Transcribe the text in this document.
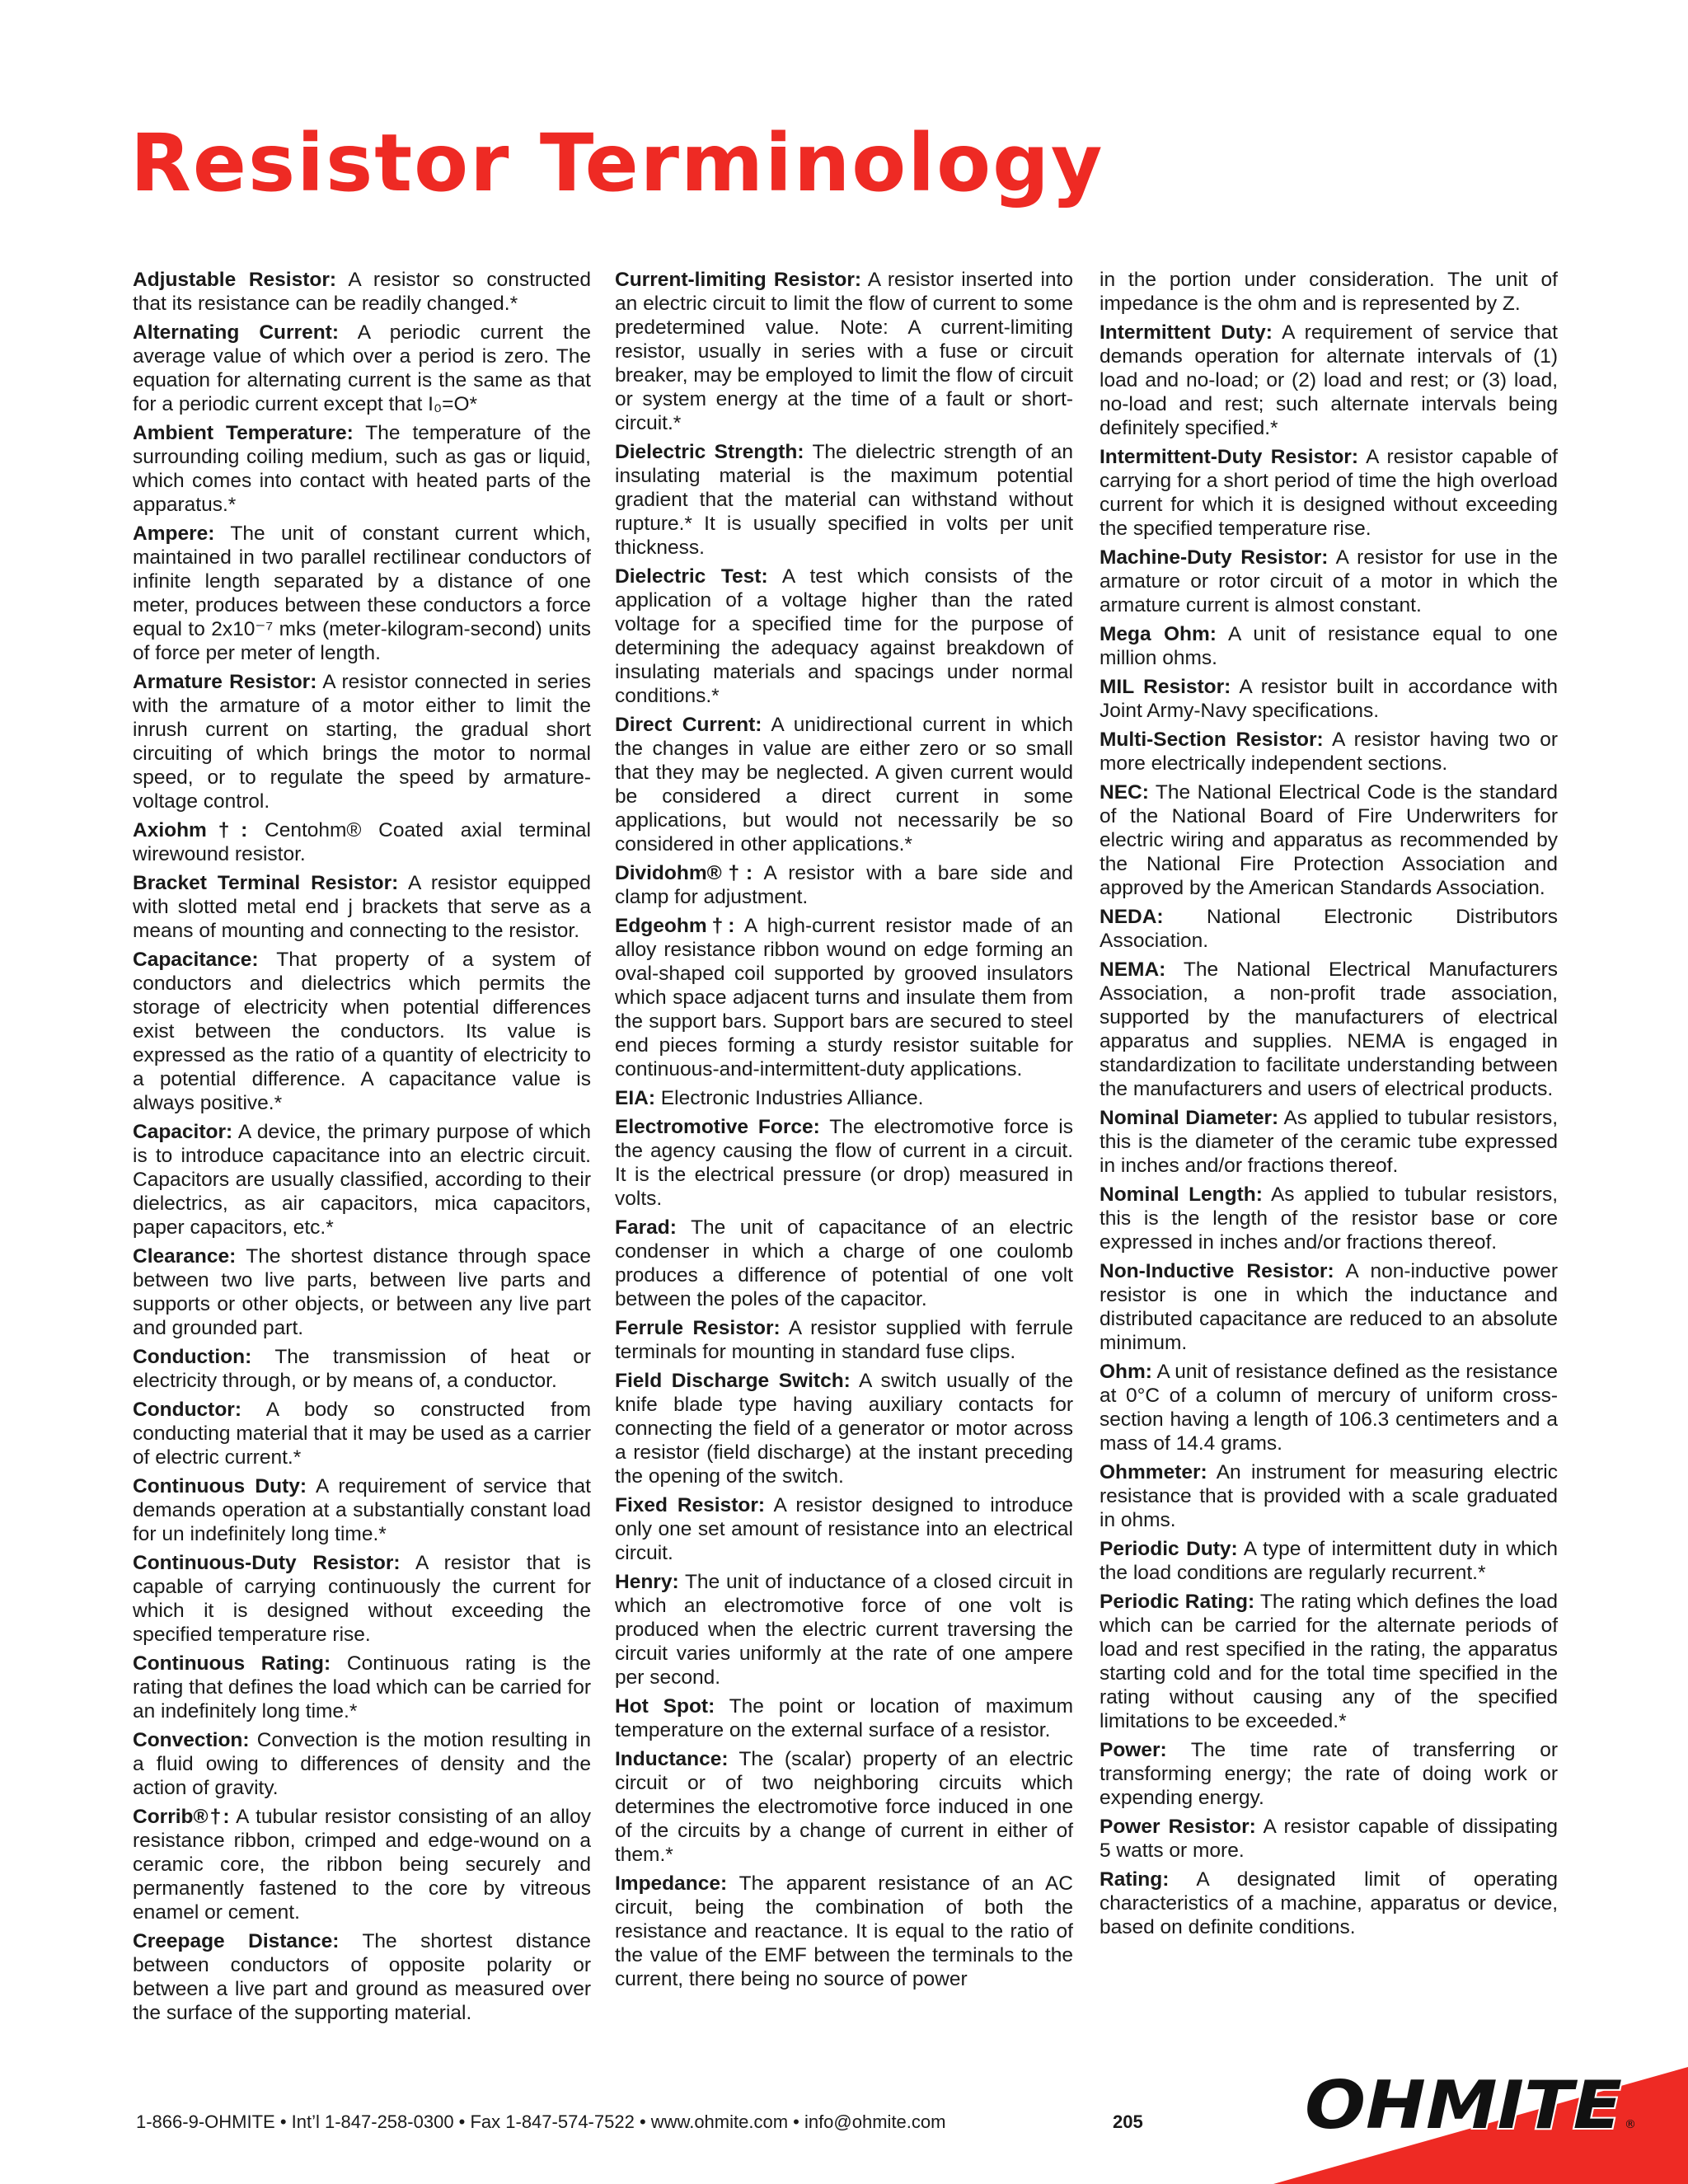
Resistor Terminology

Adjustable Resistor: A resistor so constructed that its resistance can be readily changed.*

Alternating Current: A periodic current the average value of which over a period is zero. The equation for alternating current is the same as that for a periodic current except that I₀=O*

Ambient Temperature: The temperature of the surrounding coiling medium, such as gas or liquid, which comes into contact with heated parts of the apparatus.*

Ampere: The unit of constant current which, maintained in two parallel rectilinear conductors of infinite length separated by a distance of one meter, produces between these conductors a force equal to 2x10⁻⁷ mks (meter-kilogram-second) units of force per meter of length.

Armature Resistor: A resistor connected in series with the armature of a motor either to limit the inrush current on starting, the gradual short circuiting of which brings the motor to normal speed, or to regulate the speed by armature-voltage control.

Axiohm†: Centohm® Coated axial terminal wirewound resistor.

Bracket Terminal Resistor: A resistor equipped with slotted metal end j brackets that serve as a means of mounting and connecting to the resistor.

Capacitance: That property of a system of conductors and dielectrics which permits the storage of electricity when potential differences exist between the conductors. Its value is expressed as the ratio of a quantity of electricity to a potential difference. A capacitance value is always positive.*

Capacitor: A device, the primary purpose of which is to introduce capacitance into an electric circuit. Capacitors are usually classified, according to their dielectrics, as air capacitors, mica capacitors, paper capacitors, etc.*

Clearance: The shortest distance through space between two live parts, between live parts and supports or other objects, or between any live part and grounded part.

Conduction: The transmission of heat or electricity through, or by means of, a conductor.

Conductor: A body so constructed from conducting material that it may be used as a carrier of electric current.*

Continuous Duty: A requirement of service that demands operation at a substantially constant load for un indefinitely long time.*

Continuous-Duty Resistor: A resistor that is capable of carrying continuously the current for which it is designed without exceeding the specified temperature rise.

Continuous Rating: Continuous rating is the rating that defines the load which can be carried for an indefinitely long time.*

Convection: Convection is the motion resulting in a fluid owing to differences of density and the action of gravity.

Corrib®†: A tubular resistor consisting of an alloy resistance ribbon, crimped and edge-wound on a ceramic core, the ribbon being securely and permanently fastened to the core by vitreous enamel or cement.

Creepage Distance: The shortest distance between conductors of opposite polarity or between a live part and ground as measured over the surface of the supporting material.

Current-limiting Resistor: A resistor inserted into an electric circuit to limit the flow of current to some predetermined value. Note: A current-limiting resistor, usually in series with a fuse or circuit breaker, may be employed to limit the flow of circuit or system energy at the time of a fault or short-circuit.*

Dielectric Strength: The dielectric strength of an insulating material is the maximum potential gradient that the material can withstand without rupture.* It is usually specified in volts per unit thickness.

Dielectric Test: A test which consists of the application of a voltage higher than the rated voltage for a specified time for the purpose of determining the adequacy against breakdown of insulating materials and spacings under normal conditions.*

Direct Current: A unidirectional current in which the changes in value are either zero or so small that they may be neglected. A given current would be considered a direct current in some applications, but would not necessarily be so considered in other applications.*

Dividohm®†: A resistor with a bare side and clamp for adjustment.

Edgeohm†: A high-current resistor made of an alloy resistance ribbon wound on edge forming an oval-shaped coil supported by grooved insulators which space adjacent turns and insulate them from the support bars. Support bars are secured to steel end pieces forming a sturdy resistor suitable for continuous-and-intermittent-duty applications.

EIA: Electronic Industries Alliance.

Electromotive Force: The electromotive force is the agency causing the flow of current in a circuit. It is the electrical pressure (or drop) measured in volts.

Farad: The unit of capacitance of an electric condenser in which a charge of one coulomb produces a difference of potential of one volt between the poles of the capacitor.

Ferrule Resistor: A resistor supplied with ferrule terminals for mounting in standard fuse clips.

Field Discharge Switch: A switch usually of the knife blade type having auxiliary contacts for connecting the field of a generator or motor across a resistor (field discharge) at the instant preceding the opening of the switch.

Fixed Resistor: A resistor designed to introduce only one set amount of resistance into an electrical circuit.

Henry: The unit of inductance of a closed circuit in which an electromotive force of one volt is produced when the electric current traversing the circuit varies uniformly at the rate of one ampere per second.

Hot Spot: The point or location of maximum temperature on the external surface of a resistor.

Inductance: The (scalar) property of an electric circuit or of two neighboring circuits which determines the electromotive force induced in one of the circuits by a change of current in either of them.*

Impedance: The apparent resistance of an AC circuit, being the combination of both the resistance and reactance. It is equal to the ratio of the value of the EMF between the terminals to the current, there being no source of power

in the portion under consideration. The unit of impedance is the ohm and is represented by Z.

Intermittent Duty: A requirement of service that demands operation for alternate intervals of (1) load and no-load; or (2) load and rest; or (3) load, no-load and rest; such alternate intervals being definitely specified.*

Intermittent-Duty Resistor: A resistor capable of carrying for a short period of time the high overload current for which it is designed without exceeding the specified temperature rise.

Machine-Duty Resistor: A resistor for use in the armature or rotor circuit of a motor in which the armature current is almost constant.

Mega Ohm: A unit of resistance equal to one million ohms.

MIL Resistor: A resistor built in accordance with Joint Army-Navy specifications.

Multi-Section Resistor: A resistor having two or more electrically independent sections.

NEC: The National Electrical Code is the standard of the National Board of Fire Underwriters for electric wiring and apparatus as recommended by the National Fire Protection Association and approved by the American Standards Association.

NEDA: National Electronic Distributors Association.

NEMA: The National Electrical Manufacturers Association, a non-profit trade association, supported by the manufacturers of electrical apparatus and supplies. NEMA is engaged in standardization to facilitate understanding between the manufacturers and users of electrical products.

Nominal Diameter: As applied to tubular resistors, this is the diameter of the ceramic tube expressed in inches and/or fractions thereof.

Nominal Length: As applied to tubular resistors, this is the length of the resistor base or core expressed in inches and/or fractions thereof.

Non-Inductive Resistor: A non-inductive power resistor is one in which the inductance and distributed capacitance are reduced to an absolute minimum.

Ohm: A unit of resistance defined as the resistance at 0°C of a column of mercury of uniform cross-section having a length of 106.3 centimeters and a mass of 14.4 grams.

Ohmmeter: An instrument for measuring electric resistance that is provided with a scale graduated in ohms.

Periodic Duty: A type of intermittent duty in which the load conditions are regularly recurrent.*

Periodic Rating: The rating which defines the load which can be carried for the alternate periods of load and rest specified in the rating, the apparatus starting cold and for the total time specified in the rating without causing any of the specified limitations to be exceeded.*

Power: The time rate of transferring or transforming energy; the rate of doing work or expending energy.

Power Resistor: A resistor capable of dissipating 5 watts or more.

Rating: A designated limit of operating characteristics of a machine, apparatus or device, based on definite conditions.

1-866-9-OHMITE • Int’l 1-847-258-0300 • Fax 1-847-574-7522 • www.ohmite.com • info@ohmite.com	205 OHMITE ®
